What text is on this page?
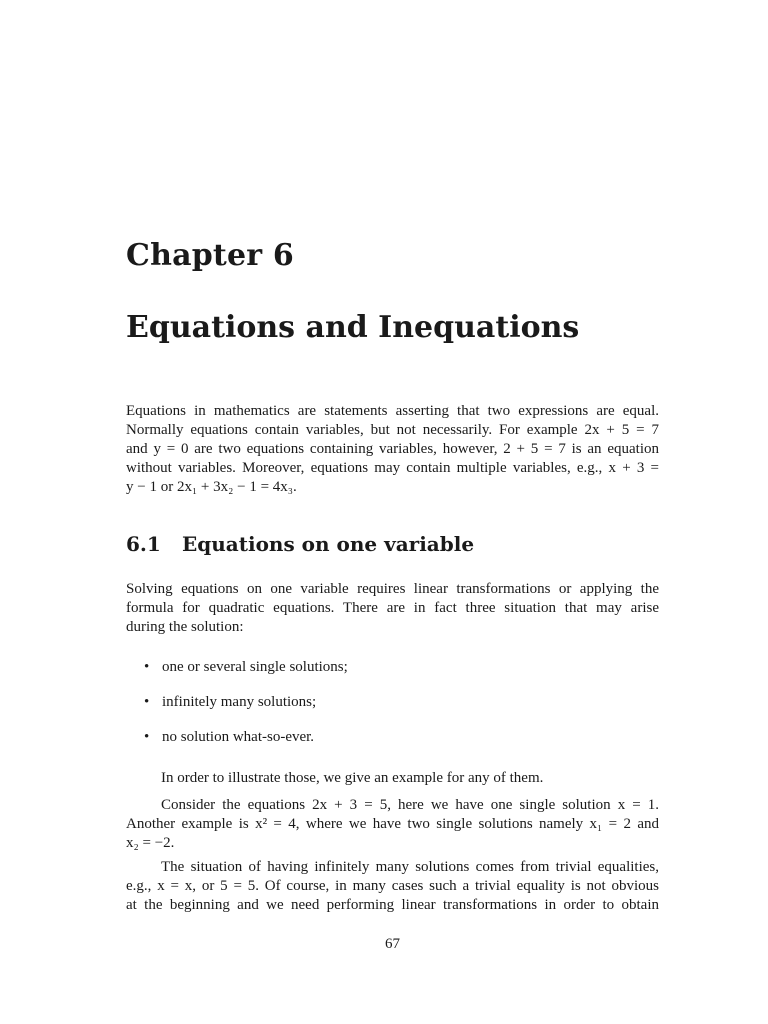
Chapter 6
Equations and Inequations
Equations in mathematics are statements asserting that two expressions are equal.
Normally equations contain variables, but not necessarily. For example 2x + 5 = 7
and y = 0 are two equations containing variables, however, 2 + 5 = 7 is an equation
without variables. Moreover, equations may contain multiple variables, e.g., x + 3 =
y − 1 or 2x₁ + 3x₂ − 1 = 4x₃.
6.1 Equations on one variable
Solving equations on one variable requires linear transformations or applying the
formula for quadratic equations. There are in fact three situation that may arise
during the solution:
• one or several single solutions;
• infinitely many solutions;
• no solution what-so-ever.
In order to illustrate those, we give an example for any of them.
Consider the equations 2x + 3 = 5, here we have one single solution x = 1.
Another example is x² = 4, where we have two single solutions namely x₁ = 2 and
x₂ = −2.
The situation of having infinitely many solutions comes from trivial equalities,
e.g., x = x, or 5 = 5. Of course, in many cases such a trivial equality is not obvious
at the beginning and we need performing linear transformations in order to obtain
67
